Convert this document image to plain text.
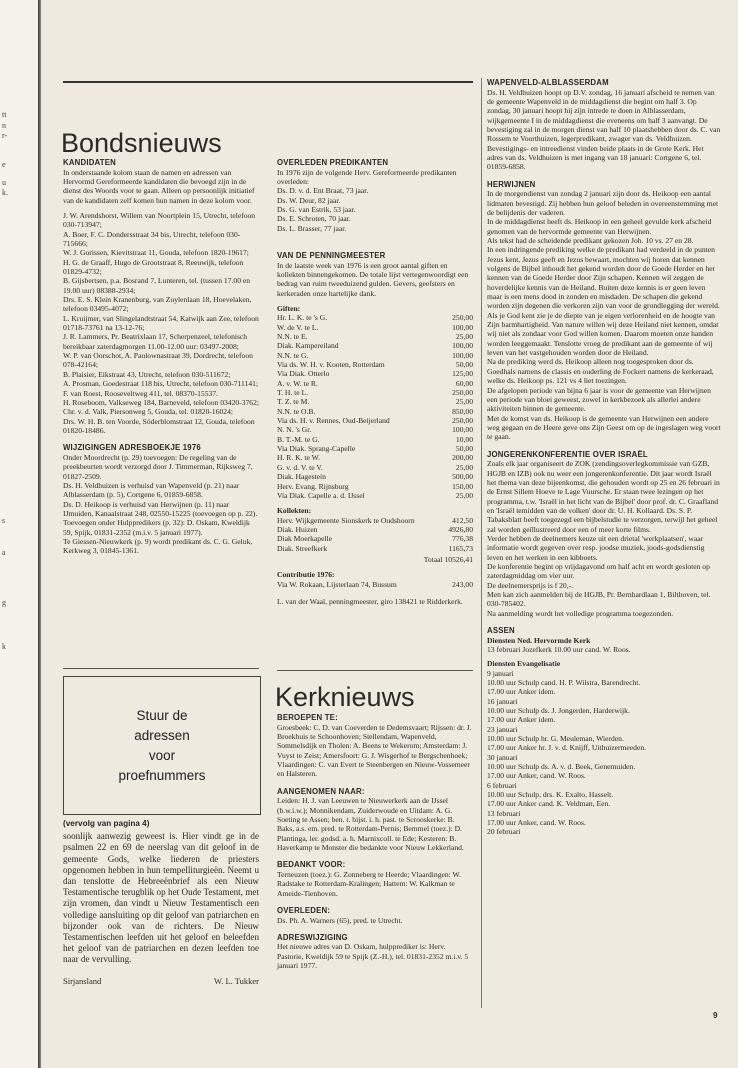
tt
n
r-
e
u
k.
s
a
g
k
Bondsnieuws
KANDIDATEN

In onderstaande kolom staan de namen en adressen van Hervormd Gereformeerde kandidaten die bevoegd zijn in de dienst des Woords voor te gaan. Alleen op persoonlijk initiatief van de kandidaten zelf komen hun namen in deze kolom voor.

J. W. Arendshorst, Willem van Noortplein 15, Utrecht, telefoon 030-713947;

A. Boer, F. C. Dondersstraat 34 bis, Utrecht, telefoon 030-715666;

W. J. Gorissen, Kievitstraat 11, Gouda, telefoon 1820-19617;

H. G. de Graaff, Hugo de Grootstraat 8, Reeuwijk, telefoon 01829-4732;

B. Gijsbertsen, p.a. Bosrand 7, Lunteren, tel. (tussen 17.00 en 19.00 uur) 08388-2934;

Drs. E. S. Klein Kranenburg, van Zuylenlaan 18, Hoevelaken, telefoon 03495-4072;

L. Kruijmer, van Slingelandtstraat 54, Katwijk aan Zee, telefoon 01718-73761 na 13-12-76;

J. R. Lammers, Pr. Beatrixlaan 17, Scherpenzeel, telefonisch bereikbaar zaterdagmorgen 11.00-12.00 uur: 03497-2008;

W. P. van Oorschot, A. Paulownastraat 39, Dordrecht, telefoon 078-42164;

B. Plaisier, Eikstraat 43, Utrecht, telefoon 030-511672;

A. Prosman, Goedestraat 118 bis, Utrecht, telefoon 030-711141;

F. van Roest, Rooseveltweg 411, tel. 08370-15537.

H. Roseboom, Valkseweg 184, Barneveld, telefoon 03420-3762;

Chr. v. d. Valk, Piersonweg 5, Gouda, tel. 01820-16024;

Drs. W. H. B. ten Voorde, Söderblomstraat 12, Gouda, telefoon 01820-18486.

WIJZIGINGEN ADRESBOEKJE 1976

Onder Moordrecht (p. 29) toevoegen: De regeling van de preekbeurten wordt verzorgd door J. Timmerman, Rijksweg 7, 01827-2509.

Ds. H. Veldhuizen is verhuisd van Wapenveld (p. 21) naar Alblasserdam (p. 5), Cortgene 6, 01859-6858.

Ds. D. Heikoop is verhuisd van Herwijnen (p. 11) naar IJmuiden, Kanaalstraat 248, 02550-15225 (toevoegen op p. 22).

Toevoegen onder Hulppredikers (p. 32): D. Oskam, Kweldijk 59, Spijk, 01831-2352 (m.i.v. 5 januari 1977).

Te Giessen-Nieuwkerk (p. 9) wordt predikant ds. C. G. Geluk, Kerkweg 3, 01845-1361.

Stuur de
adressen
voor
proefnummers
(vervolg van pagina 4)

soonlijk aanwezig geweest is. Hier vindt ge in de psalmen 22 en 69 de neerslag van dit geloof in de gemeente Gods, welke liederen de priesters opgenomen hebben in hun tempelliturgieën. Neemt u dan tenslotte de Hebreeënbrief als een Nieuw Testamentische terugblik op het Oude Testament, met zijn vromen, dan vindt u Nieuw Testamentisch een volledige aansluiting op dit geloof van patriarchen en bijzonder ook van de richters. De Nieuw Testamentischen leefden uit het geloof en beleefden het geloof van de patriarchen en dezen leefden toe naar de vervulling.

Sirjansland	W. L. Tukker
OVERLEDEN PREDIKANTEN

In 1976 zijn de volgende Herv. Gereformeerde predikanten overleden:

Ds. D. v. d. Ent Braat, 73 jaar.

Ds. W. Deur, 82 jaar.

Ds. G. van Estrik, 53 jaar.

Ds. E. Schroten, 70 jaar.

Ds. L. Brasser, 77 jaar.

VAN DE PENNINGMEESTER

In de laatste week van 1976 is een groot aantal giften en kollekten binnengekomen. De totale lijst vertegenwoordigt een bedrag van ruim tweeduizend gulden. Gevers, geefsters en kerkeraden onze hartelijke dank.

Giften:

Hr. L. K. te 's G.	250,00
W. de V. te L.	100,00
N.N. te E.	25,00
Diak. Kampereiland	100,00
N.N. te G.	100,00
Via ds. W. H. v. Kooten, Rotterdam	50,00
Via Diak. Otterlo	125,00
A. v. W. te R.	60,00
T. H. te L.	250,00
T. Z. te M.	25,00
N.N. te O.B.	850,00
Via ds. H. v. Rennes, Oud-Beijerland	250,00
N. N. 's Gr.	100,00
B. T.-M. te G.	10,00
Via Diak. Sprang-Capelle	50,00
H. R. K. te W.	200,00
G. v. d. V. te V.	25,00
Diak. Hagestein	500,00
Herv. Evang. Rijnsburg	150,00
Via Diak. Capelle a. d. IJssel	25,00

Kollekten:

Herv. Wijkgemeente Sionskerk te Oudshoorn	412,50
Diak. Huizen	4926,80
Diak Moerkapelle	776,38
Diak. Streefkerk	1165,73

Totaal 10526,41

Contributie 1976:

Via W. Rokaan, Lijsterlaan 74, Bussum	243,00

L. van der Waal, penningmeester, giro 138421 te Ridderkerk.

Kerknieuws
BEROEPEN TE:

Groesbeek: C. D. van Coeverden te Dedemsvaart; Rijssen: dr. J. Broekhuis te Schoonhoven; Stellendam, Wapenveld, Sommelsdijk en Tholen: A. Beens te Wekerom; Amsterdam: J. Vuyst te Zeist; Amersfoort: G. J. Wisgerhof te Bergschenhoek; Vlaardingen: C. van Evert te Steenbergen en Nieuw-Vossemeer en Halsteren.

AANGENOMEN NAAR:

Leiden: H. J. van Leeuwen te Nieuwerkerk aan de IJssel (b.w.i.w.); Monnikendam, Zuiderwoude en Uitdam: A. G. Soeting te Assen; ben. t. bijst. i. h. past. te Scrooskerke: B. Baks, a.s. em. pred. te Rotterdam-Pernis; Bemmel (toez.): D. Plantinga, ler. godsd. a. h. Marnixcoll. te Ede; Kesteren: B. Haverkamp te Monster die bedankte voor Nieuw Lekkerland.

BEDANKT VOOR:

Terneuzen (toez.): G. Zonneberg te Heerde; Vlaardingen: W. Radstake te Rotterdam-Kralingen; Hattem: W. Kalkman te Ameide-Tienhoven.

OVERLEDEN:

Ds. Ph. A. Warners (65), pred. te Utrecht.

ADRESWIJZIGING

Het nieuwe adres van D. Oskam, hulpprediker is: Herv. Pastorie, Kweldijk 59 te Spijk (Z.-H.), tel. 01831-2352 m.i.v. 5 januari 1977.

WAPENVELD-ALBLASSERDAM

Ds. H. Veldhuizen hoopt op D.V. zondag, 16 januari afscheid te nemen van de gemeente Wapenveld in de middagdienst die begint om half 3. Op zondag, 30 januari hoopt hij zijn intrede te doen in Alblasserdam, wijkgemeente I in de middagdienst die eveneens om half 3 aanvangt. De bevestiging zal in de morgen dienst van half 10 plaatshebben door ds. C. van Rossem te Voorthuizen, legerpredikant, zwager van ds. Veldhuizen. Bevestigings- en intreedienst vinden beide plaats in de Grote Kerk. Het adres van ds. Veldhuizen is met ingang van 18 januari: Cortgene 6, tel. 01859-6858.

HERWIJNEN

In de morgendienst van zondag 2 januari zijn door ds. Heikoop een aantal lidmaten bevestigd. Zij hebben hun geloof beleden in overeenstemming met de belijdenis der vaderen.

In de middagdienst heeft ds. Heikoop in een geheel gevulde kerk afscheid genomen van de hervormde gemeente van Herwijnen.

Als tekst had de scheidende predikant gekozen Joh. 10 vs. 27 en 28.

In een indringende prediking welke de predikant had verdeeld in de punten Jezus kent, Jezus geeft en Jezus bewaart, mochten wij horen dat kennen volgens de Bijbel inhoudt het gekend worden door de Goede Herder en het kennen van de Goede Herder door Zijn schapen. Kennen wil zeggen de hoverdelijke kennis van de Heiland. Buiten deze kennis is er geen leven maar is een mens dood in zonden en misdaden. De schapen die gekend worden zijn degenen die verkoren zijn van voor de grondlegging der wereld. Als je God kent zie je de diepte van je eigen verlorenheid en de hoogte van Zijn barmhartigheid. Van nature willen wij deze Heiland niet kennen, omdat wij niet als zondaar voor God willen komen. Daarom moeten onze handen worden leeggemaakt. Tenslotte vroeg de predikant aan de gemeente of wij leven van het vastgehouden worden door de Heiland.

Na de prediking werd ds. Heikoop alleen nog toegesproken door ds. Goedhals namens de classis en ouderling de Fockert namens de kerkeraad, welke ds. Heikoop ps. 121 vs 4 liet toezingen.

De afgelopen periode van bijna 6 jaar is voor de gemeente van Herwijnen een periode van bloei geweest, zowel in kerkbezoek als allerlei andere aktiviteiten binnen de gemeente.

Met de komst van ds. Heikoop is de gemeente van Herwijnen een andere weg gegaan en de Heere geve ons Zijn Geest om op de ingeslagen weg voort te gaan.

JONGERENKONFERENTIE OVER ISRAËL

Zoals elk jaar organiseert de ZOK (zendingsoverlegkommissie van GZB, HGJB en IZB) ook nu weer een jongerenkonferentie. Dit jaar wordt Israël het thema van deze bijeenkomst, die gehouden wordt op 25 en 26 februari in de Ernst Sillem Hoeve te Lage Vuursche. Er staan twee lezingen op het programma, t.w. 'Israël in het licht van de Bijbel' door prof. dr. C. Graafland en 'Israël temidden van de volken' door dr. U. H. Kollaard. Ds. S. P. Tabaksblatt heeft toegezegd een bijbelstudie te verzorgen, terwijl het geheel zal worden geïllustreerd door een of meer korte films.

Verder hebben de deelnemers keuze uit een drietal 'werkplaatsen', waar informatie wordt gegeven over resp. joodse muziek, joods-godsdienstig leven en het werken in een kibboets.

De konferentie begint op vrijdagavond om half acht en wordt gesloten op zaterdagmiddag om vier uur.

De deelnemersprijs is f 20,-.

Men kan zich aanmelden bij de HGJB, Pr. Bernhardlaan 1, Bilthoven, tel. 030-785402.

Na aanmelding wordt het volledige programma toegezonden.

ASSEN

Diensten Ned. Hervormde Kerk

13 februari Jozefkerk 10.00 uur cand. W. Roos.

Diensten Evangelisatie

9 januari

10.00 uur Schulp cand. H. P. Wilstra, Barendrecht.

17.00 uur Anker idem.

16 januari

10.00 uur Schulp ds. J. Jongerden, Harderwijk.

17.00 uur Anker idem.

23 januari

10.00 uur Schulp hr. G. Meuleman, Wierden.

17.00 uur Anker hr. J. v. d. Knijff, Uithuizermeeden.

30 januari

10.00 uur Schulp ds. A. v. d. Beek, Genemuiden.

17.00 uur Anker, cand. W. Roos.

6 februari

10.00 uur Schulp, drs. K. Exalto, Hasselt.

17.00 uur Anker cand. K. Veldman, Een.

13 februari

17.00 uur Anker, cand. W. Roos.

20 februari

9
